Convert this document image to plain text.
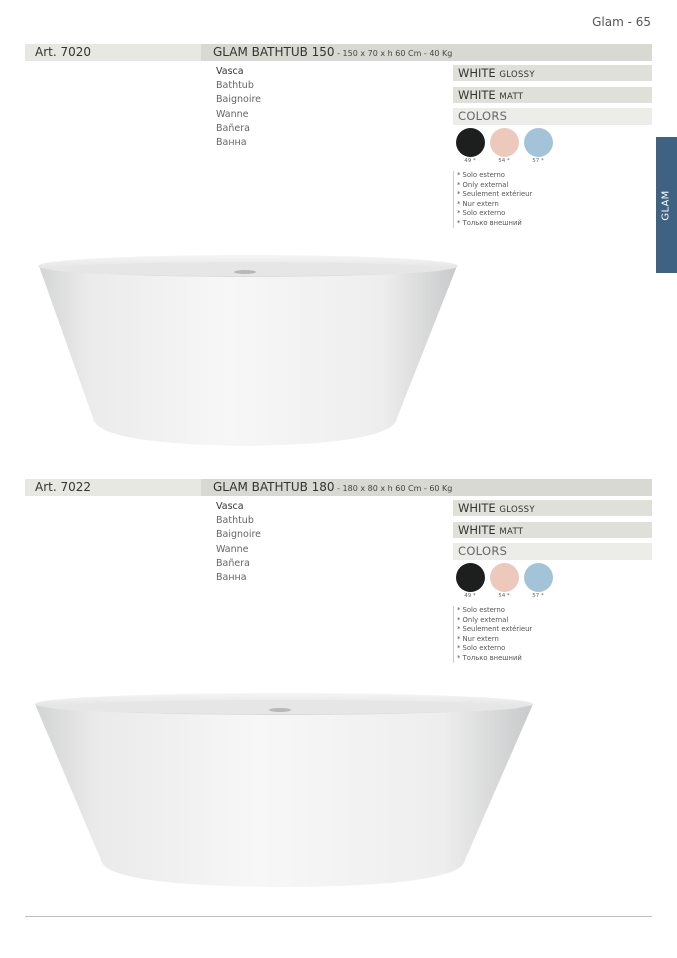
Glam - 65
GLAM
Art. 7020	GLAM BATHTUB 150 - 150 x 70 x h 60 Cm - 40 Kg
Vasca
Bathtub
Baignoire
Wanne
Bañera
Ванна
WHITE GLOSSY
WHITE MATT
COLORS
49 *	54 *	57 *
* Solo esterno
* Only external
* Seulement extérieur
* Nur extern
* Solo externo
* Только внешний
Art. 7022	GLAM BATHTUB 180 - 180 x 80 x h 60 Cm - 60 Kg
Vasca
Bathtub
Baignoire
Wanne
Bañera
Ванна
WHITE GLOSSY
WHITE MATT
COLORS
49 *	54 *	57 *
* Solo esterno
* Only external
* Seulement extérieur
* Nur extern
* Solo externo
* Только внешний
